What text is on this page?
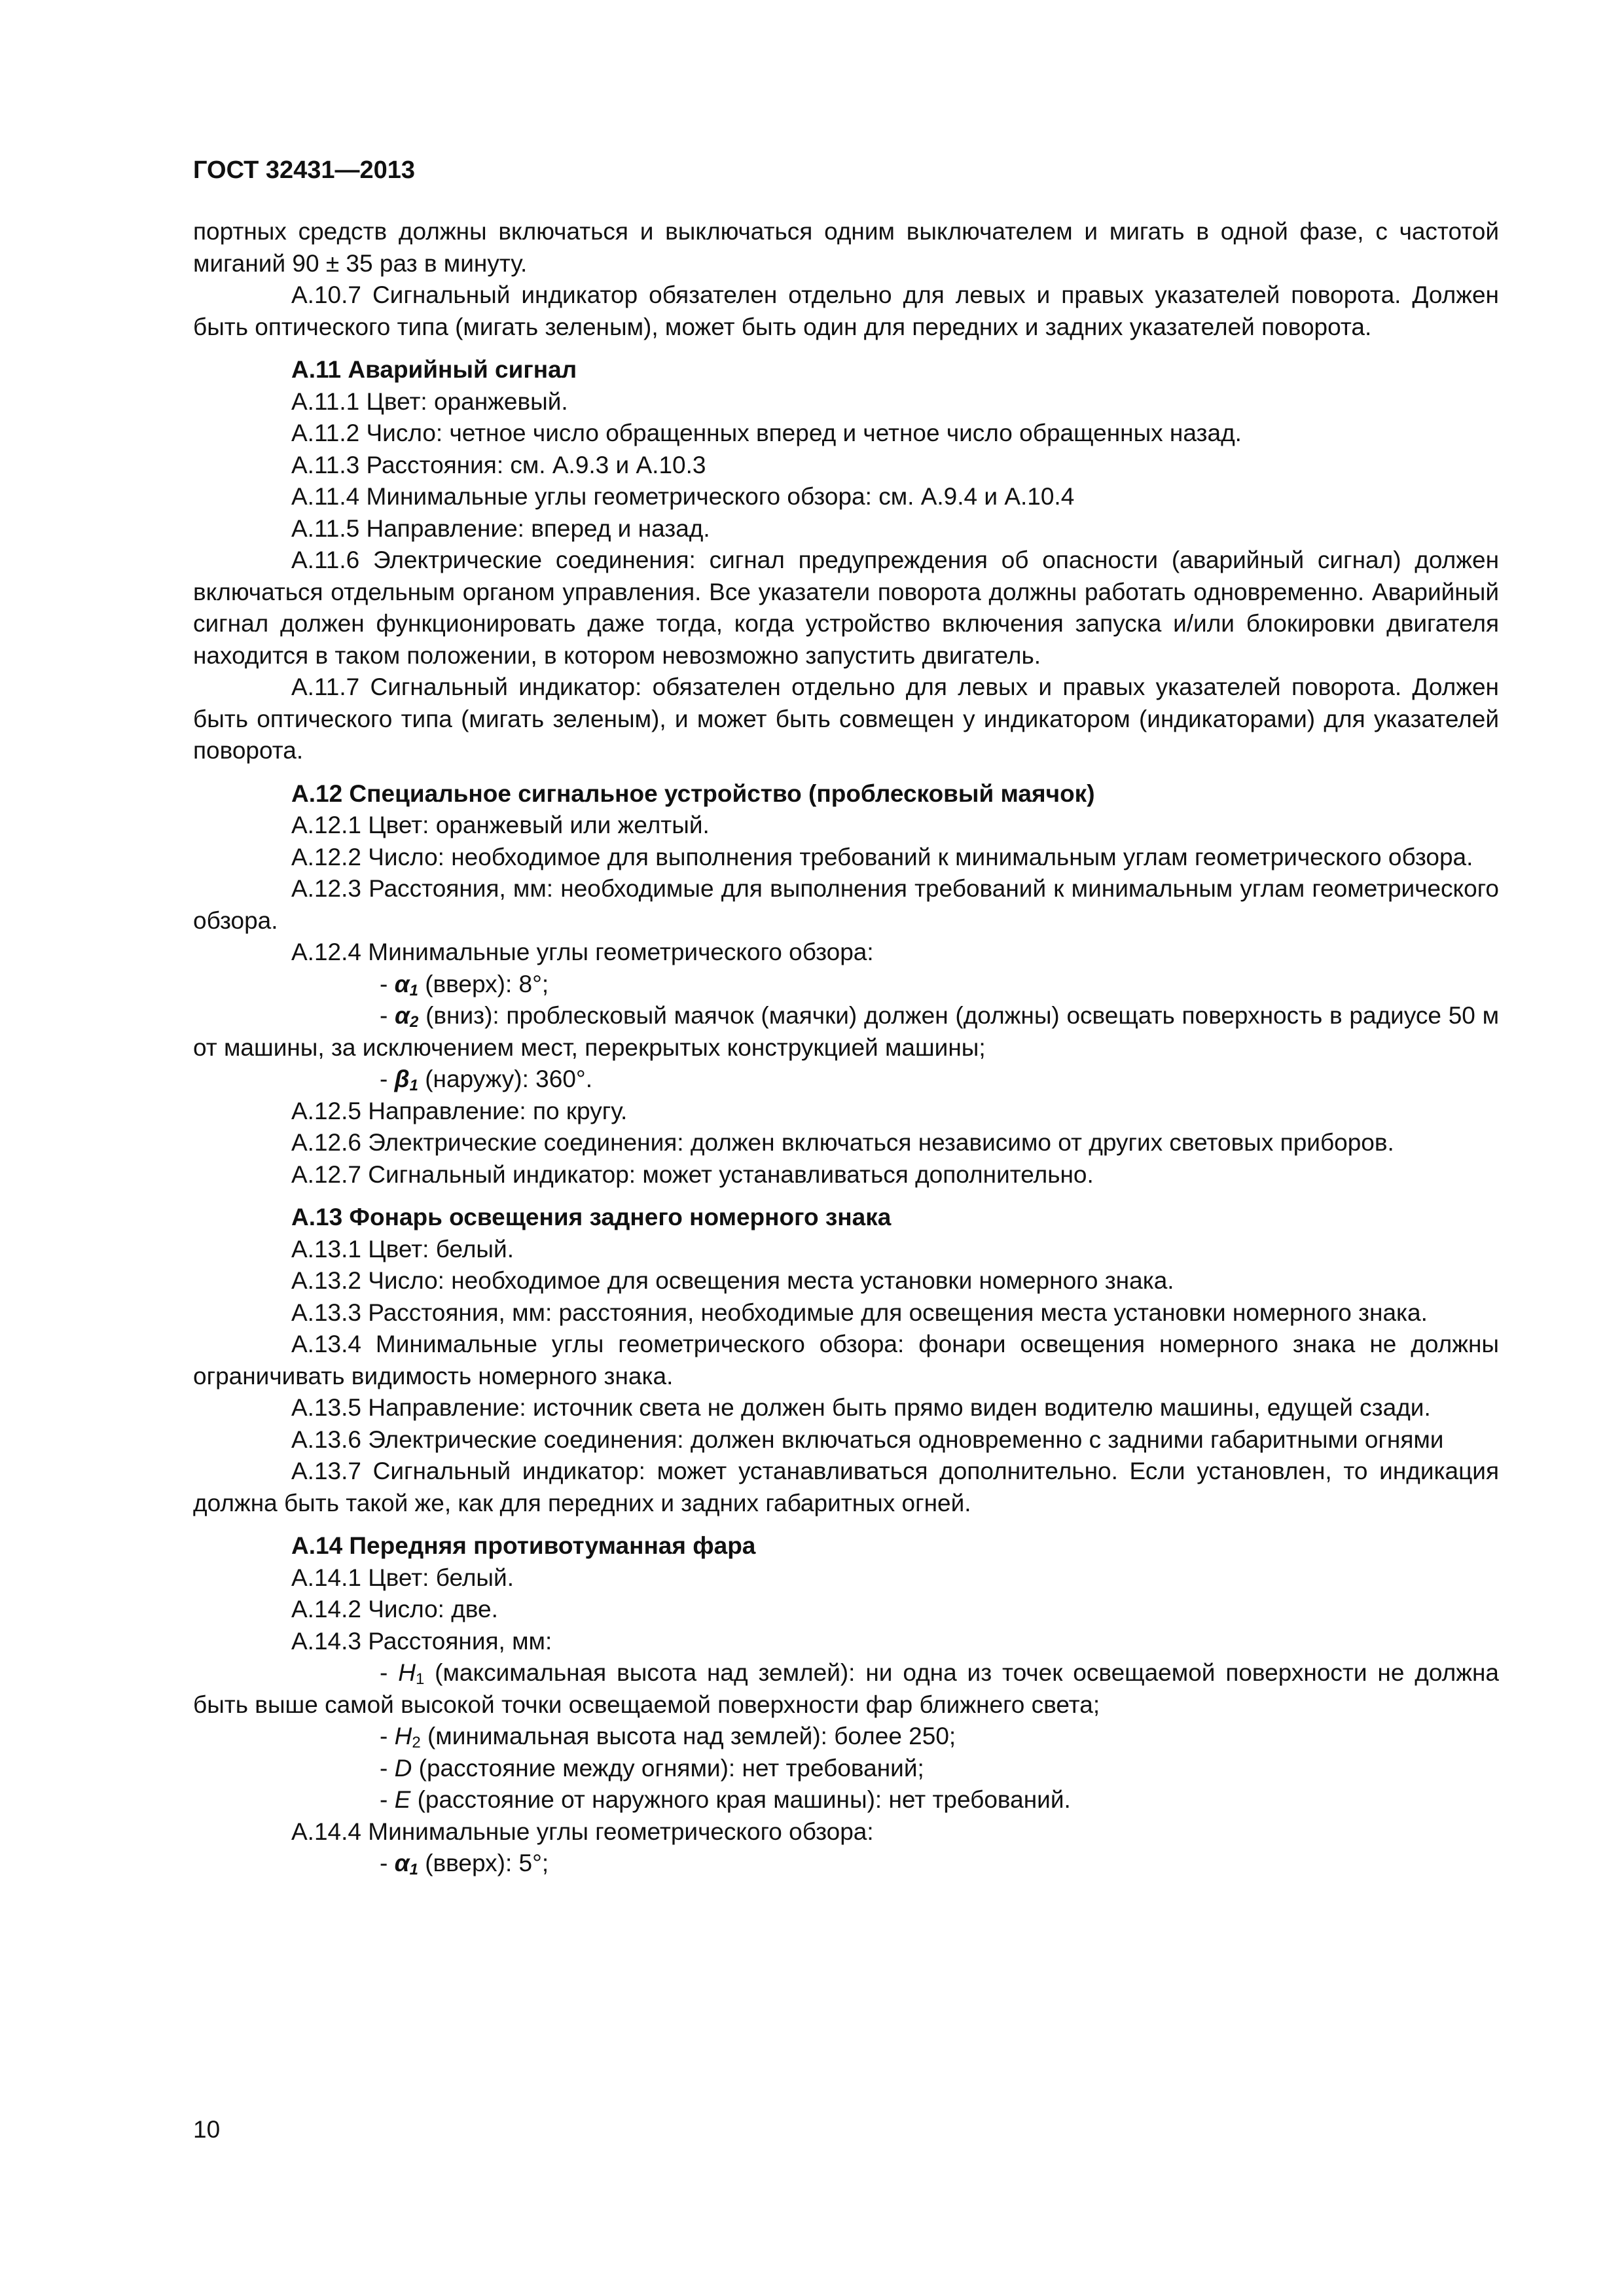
ГОСТ 32431—2013

портных средств должны включаться и выключаться одним выключателем и мигать в одной фазе, с частотой миганий 90 ± 35 раз в минуту.

А.10.7 Сигнальный индикатор обязателен отдельно для левых и правых указателей поворота. Должен быть оптического типа (мигать зеленым), может быть один для передних и задних указателей поворота.

А.11 Аварийный сигнал

А.11.1 Цвет: оранжевый.

А.11.2 Число: четное число обращенных вперед и четное число обращенных назад.

А.11.3 Расстояния: см. А.9.3 и А.10.3

А.11.4 Минимальные углы геометрического обзора: см. А.9.4 и А.10.4

А.11.5 Направление: вперед и назад.

А.11.6 Электрические соединения: сигнал предупреждения об опасности (аварийный сигнал) должен включаться отдельным органом управления. Все указатели поворота должны работать одновременно. Аварийный сигнал должен функционировать даже тогда, когда устройство включения запуска и/или блокировки двигателя находится в таком положении, в котором невозможно запустить двигатель.

А.11.7 Сигнальный индикатор: обязателен отдельно для левых и правых указателей поворота. Должен быть оптического типа (мигать зеленым), и может быть совмещен у индикатором (индикаторами) для указателей поворота.

А.12 Специальное сигнальное устройство (проблесковый маячок)

А.12.1 Цвет: оранжевый или желтый.

А.12.2 Число: необходимое для выполнения требований к минимальным углам геометрического обзора.

А.12.3 Расстояния, мм: необходимые для выполнения требований к минимальным углам геометрического обзора.

А.12.4 Минимальные углы геометрического обзора:

- $\alpha_1$ (вверх): 8°;

- $\alpha_2$ (вниз): проблесковый маячок (маячки) должен (должны) освещать поверхность в радиусе 50 м от машины, за исключением мест, перекрытых конструкцией машины;

- $\beta_1$ (наружу): 360°.

А.12.5 Направление: по кругу.

А.12.6 Электрические соединения: должен включаться независимо от других световых приборов.

А.12.7 Сигнальный индикатор: может устанавливаться дополнительно.

А.13 Фонарь освещения заднего номерного знака

А.13.1 Цвет: белый.

А.13.2 Число: необходимое для освещения места установки номерного знака.

А.13.3 Расстояния, мм: расстояния, необходимые для освещения места установки номерного знака.

А.13.4 Минимальные углы геометрического обзора: фонари освещения номерного знака не должны ограничивать видимость номерного знака.

А.13.5 Направление: источник света не должен быть прямо виден водителю машины, едущей сзади.

А.13.6 Электрические соединения: должен включаться одновременно с задними габаритными огнями

А.13.7 Сигнальный индикатор: может устанавливаться дополнительно. Если установлен, то индикация должна быть такой же, как для передних и задних габаритных огней.

А.14 Передняя противотуманная фара

А.14.1 Цвет: белый.

А.14.2 Число: две.

А.14.3 Расстояния, мм:

- $H_1$ (максимальная высота над землей): ни одна из точек освещаемой поверхности не должна быть выше самой высокой точки освещаемой поверхности фар ближнего света;

- $H_2$ (минимальная высота над землей): более 250;

- D (расстояние между огнями): нет требований;

- E (расстояние от наружного края машины): нет требований.

А.14.4 Минимальные углы геометрического обзора:

- $\alpha_1$ (вверх): 5°;

10
